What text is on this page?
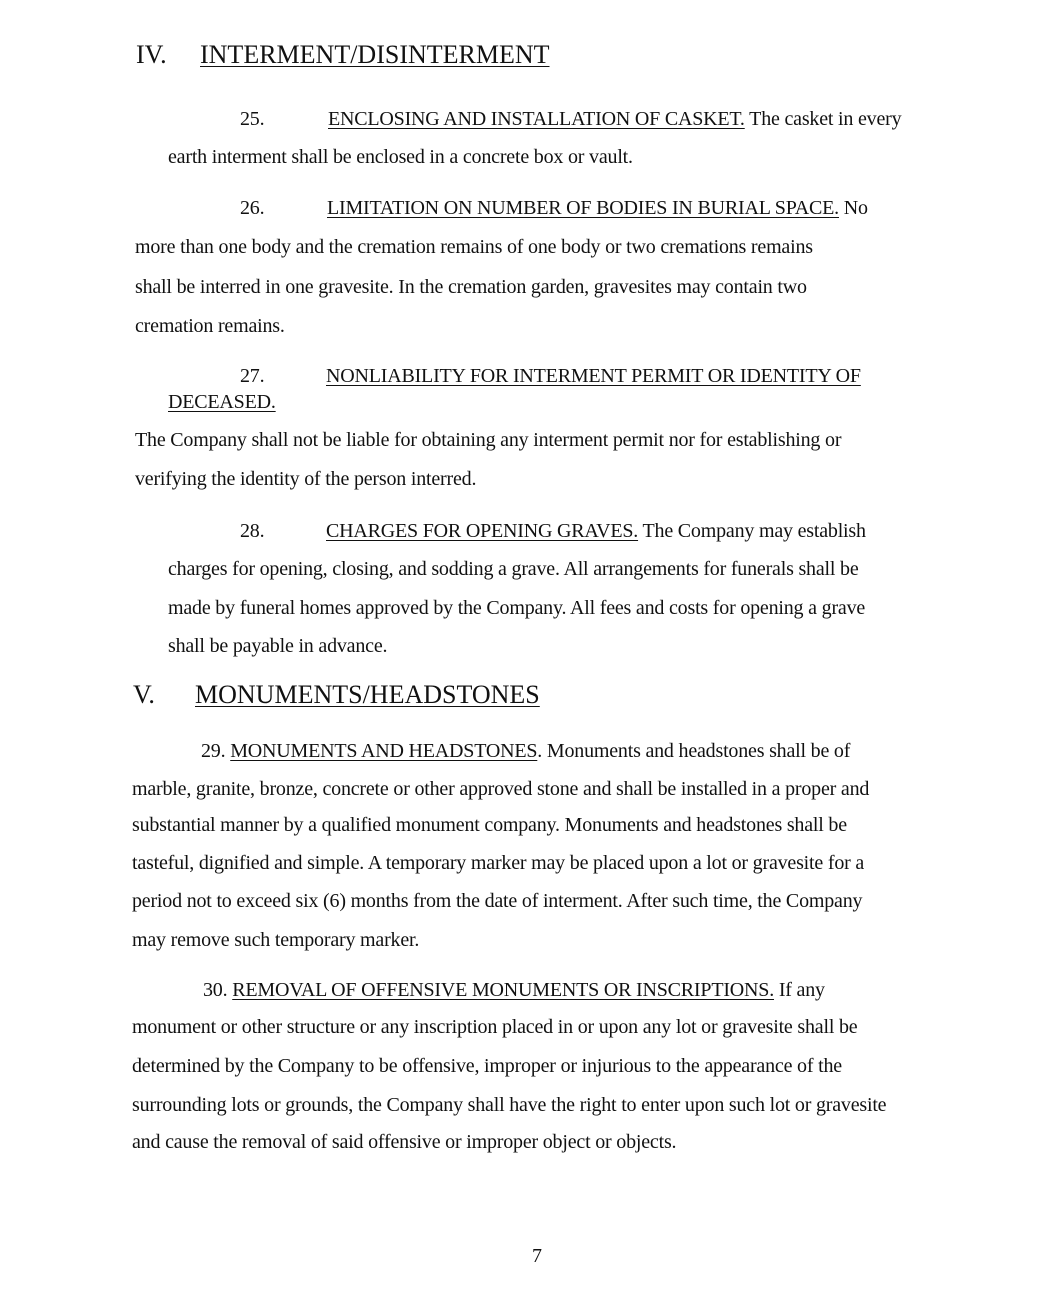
IV. INTERMENT/DISINTERMENT
25.	ENCLOSING AND INSTALLATION OF CASKET. The casket in every
earth interment shall be enclosed in a concrete box or vault.
26.	LIMITATION ON NUMBER OF BODIES IN BURIAL SPACE. No
more than one body and the cremation remains of one body or two cremations remains
shall be interred in one gravesite. In the cremation garden, gravesites may contain two
cremation remains.
27.	NONLIABILITY FOR INTERMENT PERMIT OR IDENTITY OF
DECEASED.
The Company shall not be liable for obtaining any interment permit nor for establishing or
verifying the identity of the person interred.
28.	CHARGES FOR OPENING GRAVES. The Company may establish
charges for opening, closing, and sodding a grave. All arrangements for funerals shall be
made by funeral homes approved by the Company. All fees and costs for opening a grave
shall be payable in advance.
V. MONUMENTS/HEADSTONES
29. MONUMENTS AND HEADSTONES. Monuments and headstones shall be of
marble, granite, bronze, concrete or other approved stone and shall be installed in a proper and
substantial manner by a qualified monument company. Monuments and headstones shall be
tasteful, dignified and simple. A temporary marker may be placed upon a lot or gravesite for a
period not to exceed six (6) months from the date of interment. After such time, the Company
may remove such temporary marker.
30. REMOVAL OF OFFENSIVE MONUMENTS OR INSCRIPTIONS. If any
monument or other structure or any inscription placed in or upon any lot or gravesite shall be
determined by the Company to be offensive, improper or injurious to the appearance of the
surrounding lots or grounds, the Company shall have the right to enter upon such lot or gravesite
and cause the removal of said offensive or improper object or objects.
7
